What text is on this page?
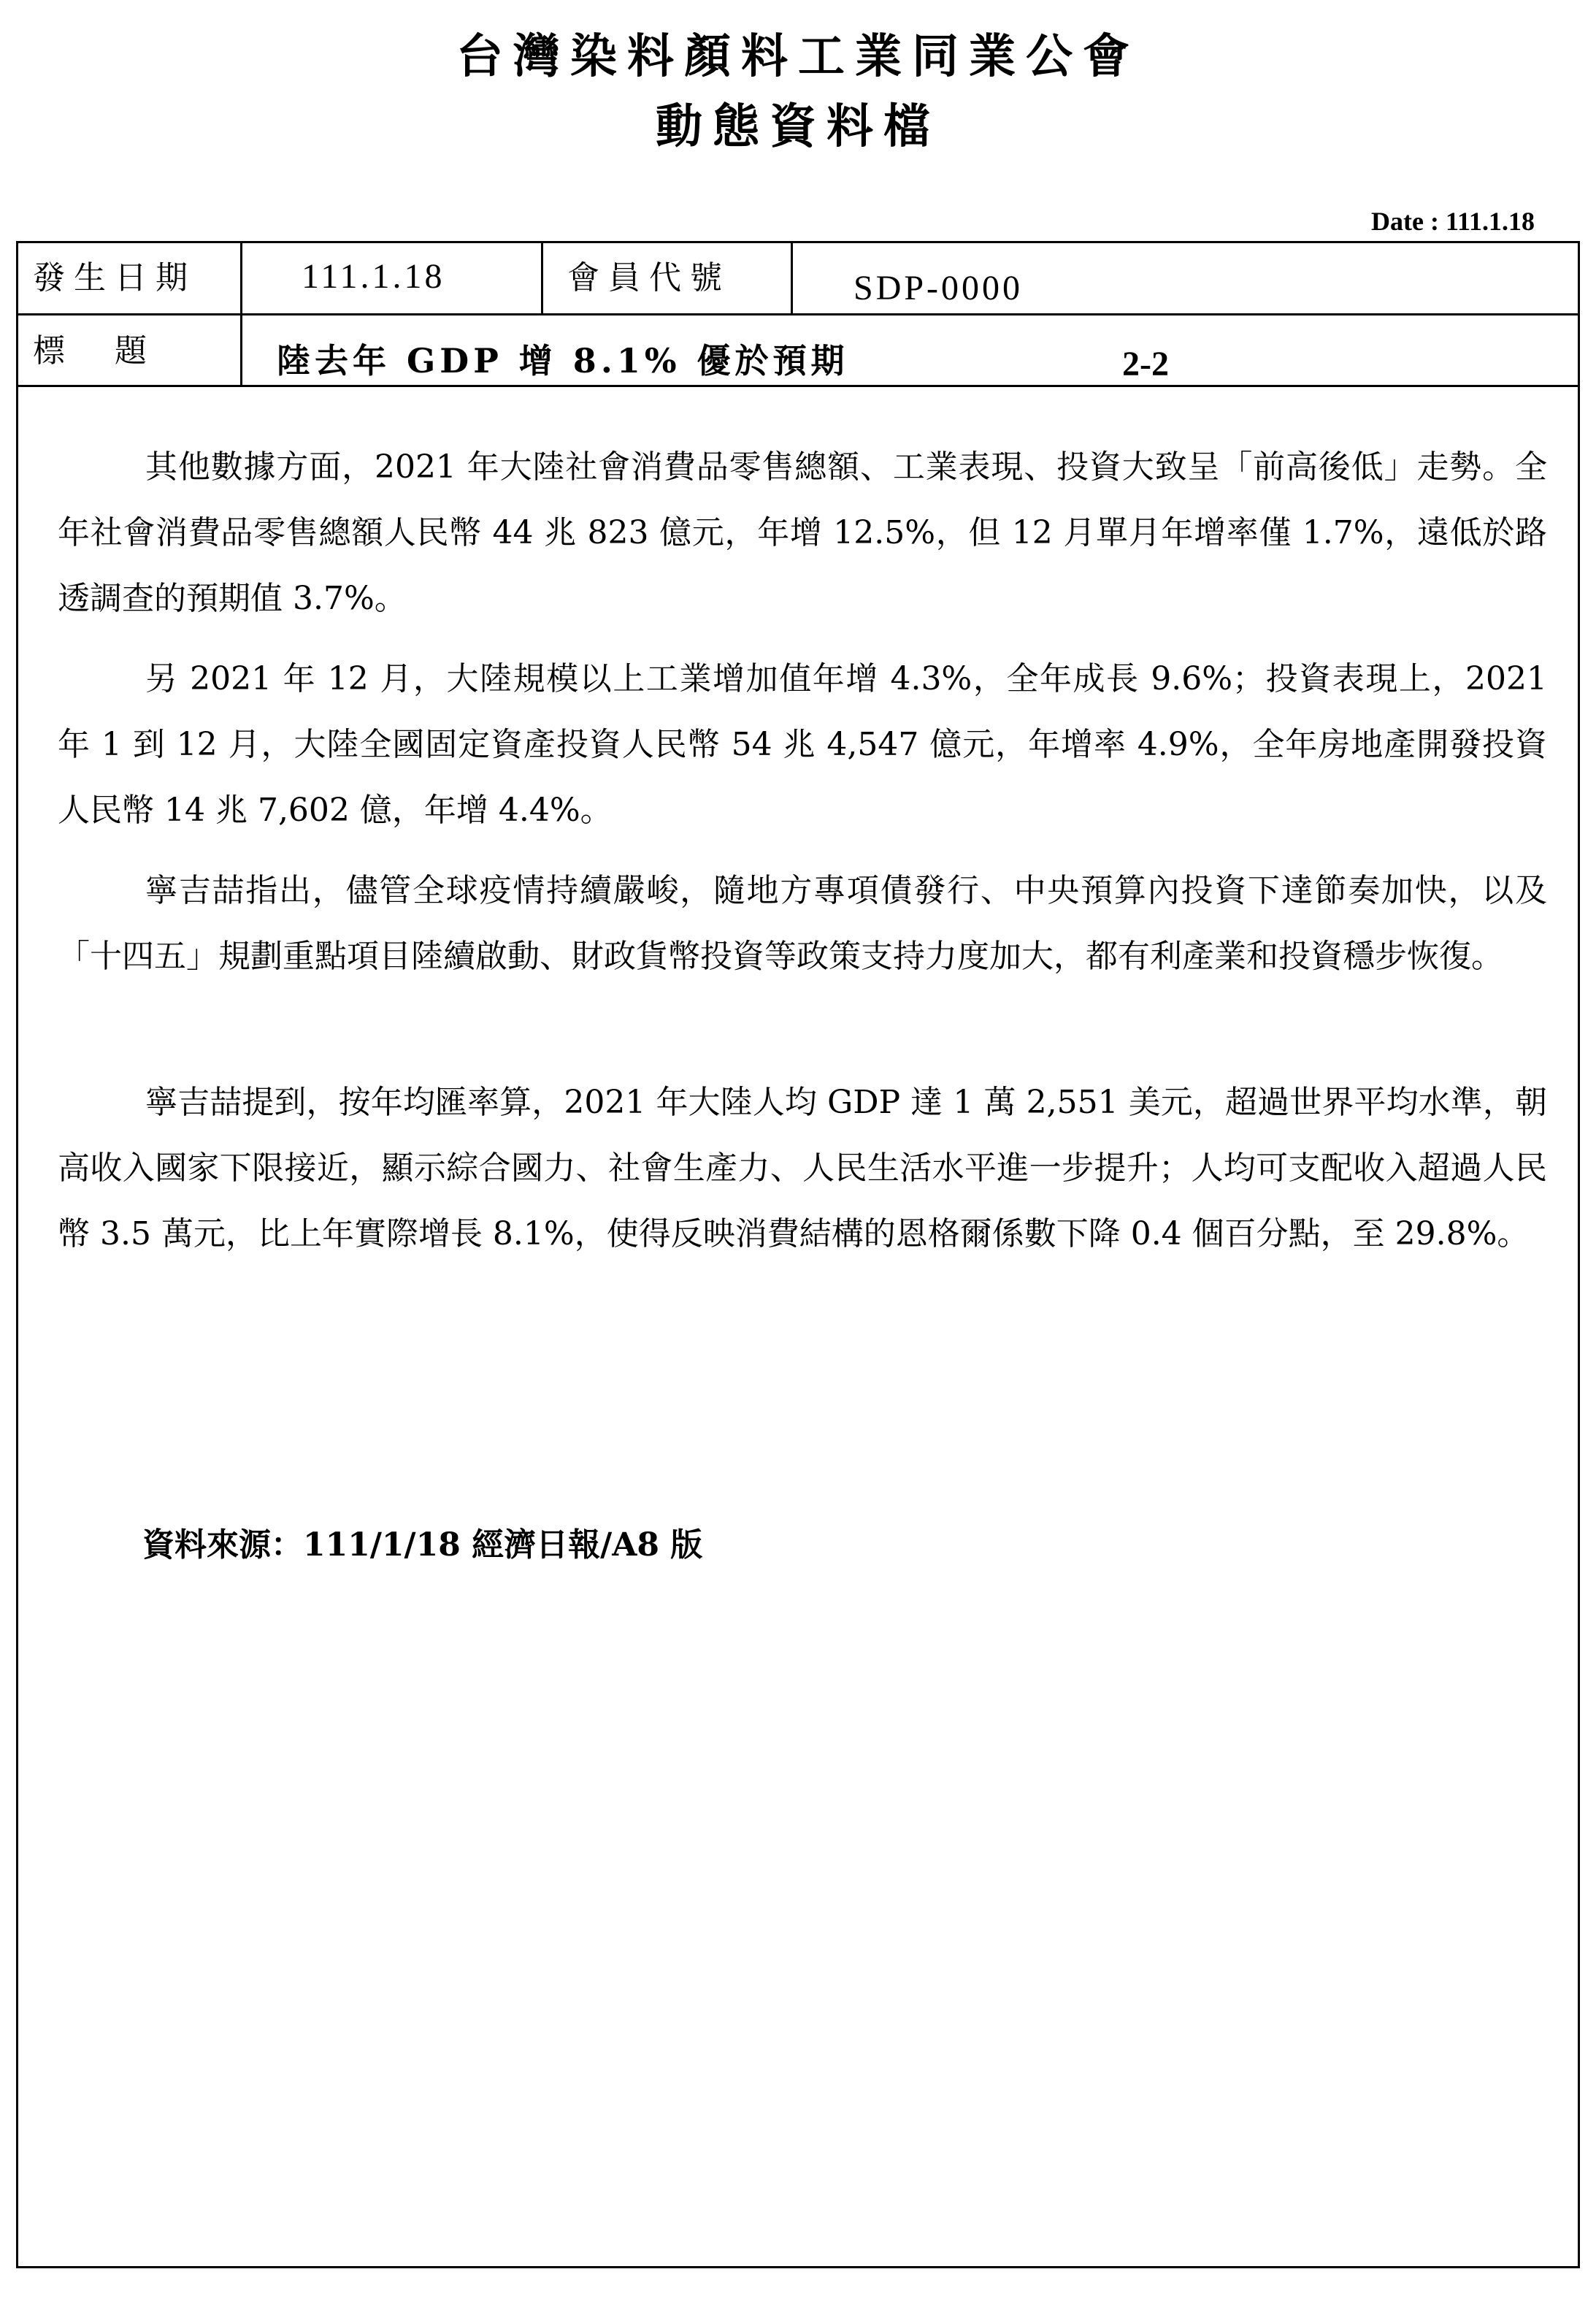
台灣染料顏料工業同業公會
動態資料檔
Date : 111.1.18
發生日期	111.1.18	會員代號	SDP-0000
標　題	陸去年 GDP 增 8.1% 優於預期	2-2

其他數據方面，2021 年大陸社會消費品零售總額、工業表現、投資大致呈「前高後低」走勢。全年社會消費品零售總額人民幣 44 兆 823 億元，年增 12.5%，但 12 月單月年增率僅 1.7%，遠低於路透調查的預期值 3.7%。

另 2021 年 12 月，大陸規模以上工業增加值年增 4.3%，全年成長 9.6%；投資表現上，2021 年 1 到 12 月，大陸全國固定資產投資人民幣 54 兆 4,547 億元，年增率 4.9%，全年房地產開發投資人民幣 14 兆 7,602 億，年增 4.4%。

寧吉喆指出，儘管全球疫情持續嚴峻，隨地方專項債發行、中央預算內投資下達節奏加快，以及「十四五」規劃重點項目陸續啟動、財政貨幣投資等政策支持力度加大，都有利產業和投資穩步恢復。

寧吉喆提到，按年均匯率算，2021 年大陸人均 GDP 達 1 萬 2,551 美元，超過世界平均水準，朝高收入國家下限接近，顯示綜合國力、社會生產力、人民生活水平進一步提升；人均可支配收入超過人民幣 3.5 萬元，比上年實際增長 8.1%，使得反映消費結構的恩格爾係數下降 0.4 個百分點，至 29.8%。

資料來源：111/1/18 經濟日報/A8 版
